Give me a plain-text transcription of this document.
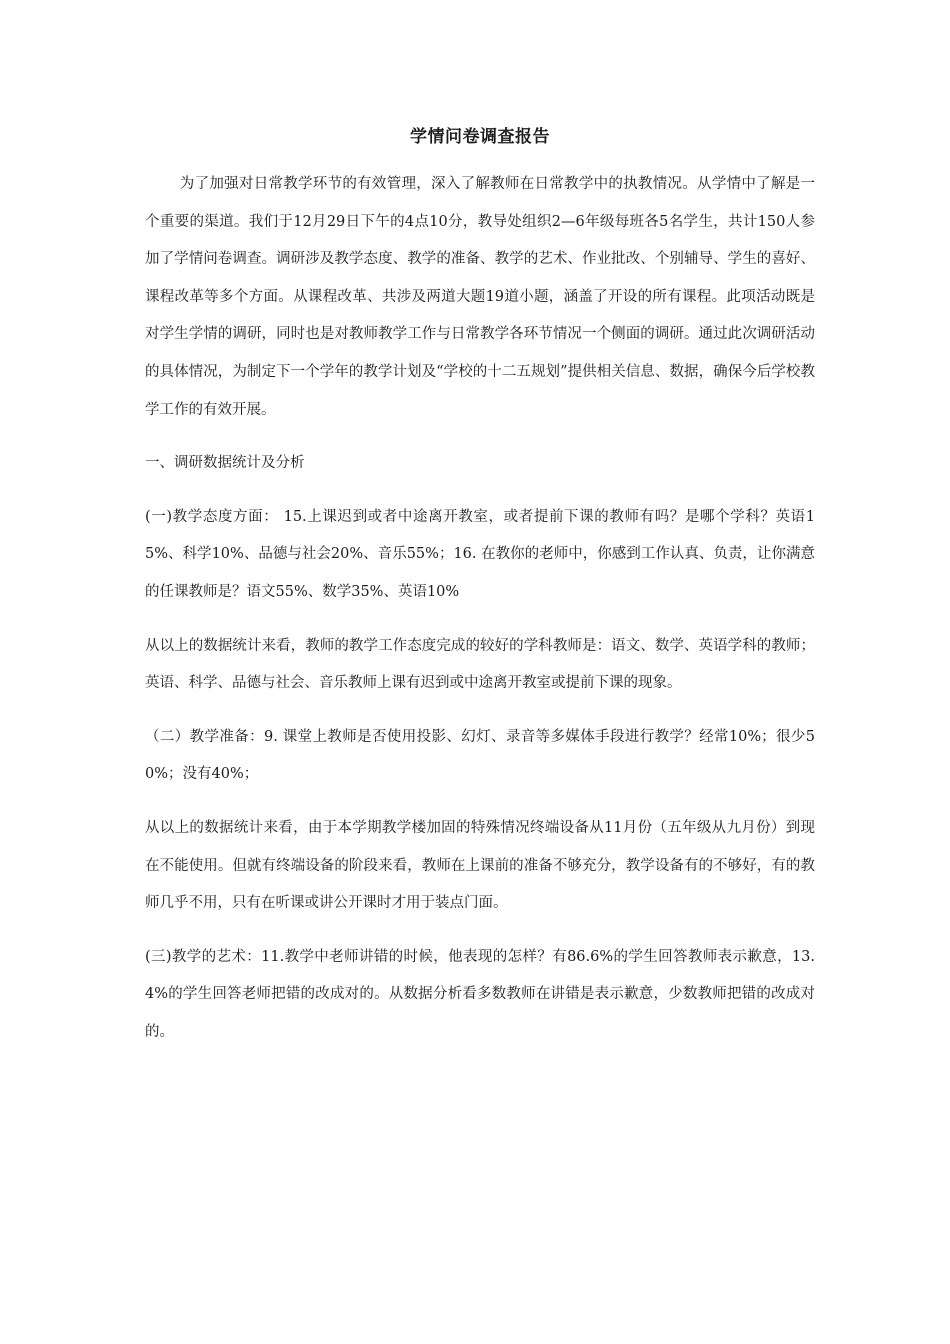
学情问卷调查报告

为了加强对日常教学环节的有效管理，深入了解教师在日常教学中的执教情况。从学情中了解是一个重要的渠道。我们于12月29日下午的4点10分，教导处组织2—6年级每班各5名学生，共计150人参加了学情问卷调查。调研涉及教学态度、教学的准备、教学的艺术、作业批改、个别辅导、学生的喜好、课程改革等多个方面。从课程改革、共涉及两道大题19道小题，涵盖了开设的所有课程。此项活动既是对学生学情的调研，同时也是对教师教学工作与日常教学各环节情况一个侧面的调研。通过此次调研活动的具体情况，为制定下一个学年的教学计划及“学校的十二五规划”提供相关信息、数据，确保今后学校教学工作的有效开展。

一、调研数据统计及分析

(一)教学态度方面： 15.上课迟到或者中途离开教室，或者提前下课的教师有吗？是哪个学科？英语15%、科学10%、品德与社会20%、音乐55%；16. 在教你的老师中，你感到工作认真、负责，让你满意的任课教师是？语文55%、数学35%、英语10%

从以上的数据统计来看，教师的教学工作态度完成的较好的学科教师是：语文、数学、英语学科的教师；英语、科学、品德与社会、音乐教师上课有迟到或中途离开教室或提前下课的现象。

（二）教学准备：9. 课堂上教师是否使用投影、幻灯、录音等多媒体手段进行教学？经常10%；很少50%；没有40%；

从以上的数据统计来看，由于本学期教学楼加固的特殊情况终端设备从11月份（五年级从九月份）到现在不能使用。但就有终端设备的阶段来看，教师在上课前的准备不够充分，教学设备有的不够好，有的教师几乎不用，只有在听课或讲公开课时才用于装点门面。

(三)教学的艺术：11.教学中老师讲错的时候，他表现的怎样？有86.6%的学生回答教师表示歉意，13.4%的学生回答老师把错的改成对的。从数据分析看多数教师在讲错是表示歉意，少数教师把错的改成对的。
